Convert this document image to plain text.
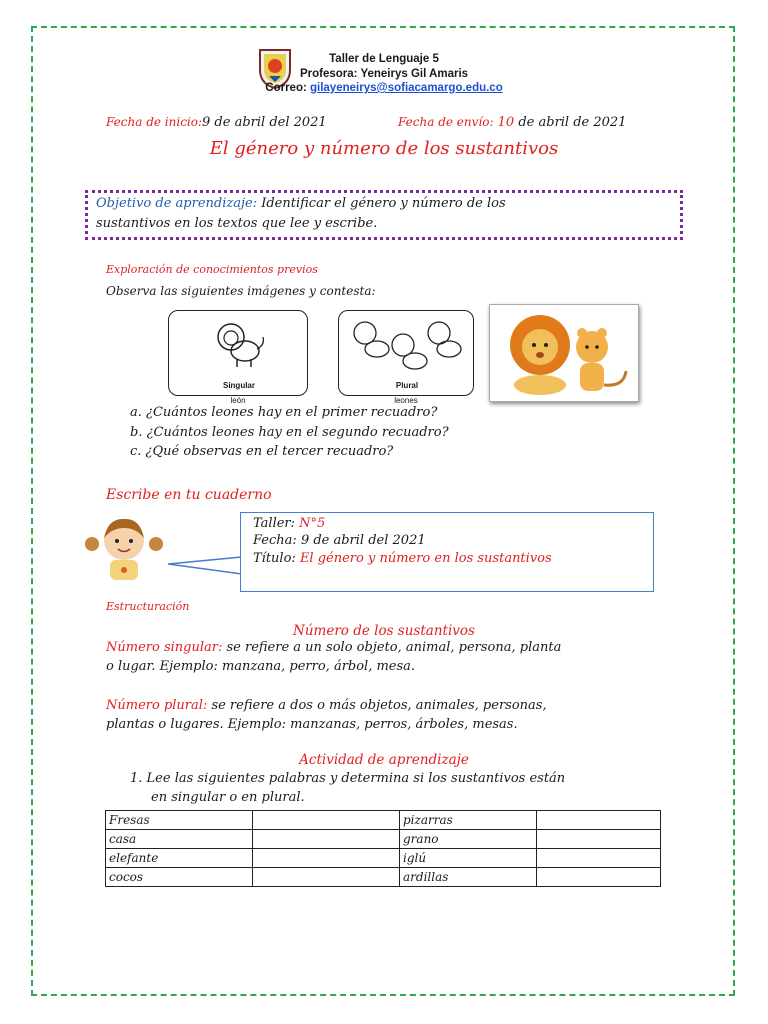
Taller de Lenguaje 5
Profesora: Yeneirys Gil Amaris
Correo: gilayeneirys@sofiacamargo.edu.co
Fecha de inicio:9 de abril del 2021	Fecha de envío: 10 de abril de 2021
El género y número de los sustantivos
Objetivo de aprendizaje: Identificar el género y número de los
sustantivos en los textos que lee y escribe.
Exploración de conocimientos previos
Observa las siguientes imágenes y contesta:
Singular
león
Plural
leones
a. ¿Cuántos leones hay en el primer recuadro?
b. ¿Cuántos leones hay en el segundo recuadro?
c. ¿Qué observas en el tercer recuadro?
Escribe en tu cuaderno
Taller: N°5
Fecha: 9 de abril del 2021
Título: El género y número en los sustantivos
Estructuración
Número de los sustantivos
Número singular: se refiere a un solo objeto, animal, persona, planta
o lugar. Ejemplo: manzana, perro, árbol, mesa.
Número plural: se refiere a dos o más objetos, animales, personas,
plantas o lugares. Ejemplo: manzanas, perros, árboles, mesas.
Actividad de aprendizaje
1. Lee las siguientes palabras y determina si los sustantivos están
en singular o en plural.
Fresas		pizarras	
casa		grano	
elefante		iglú	
cocos		ardillas	
